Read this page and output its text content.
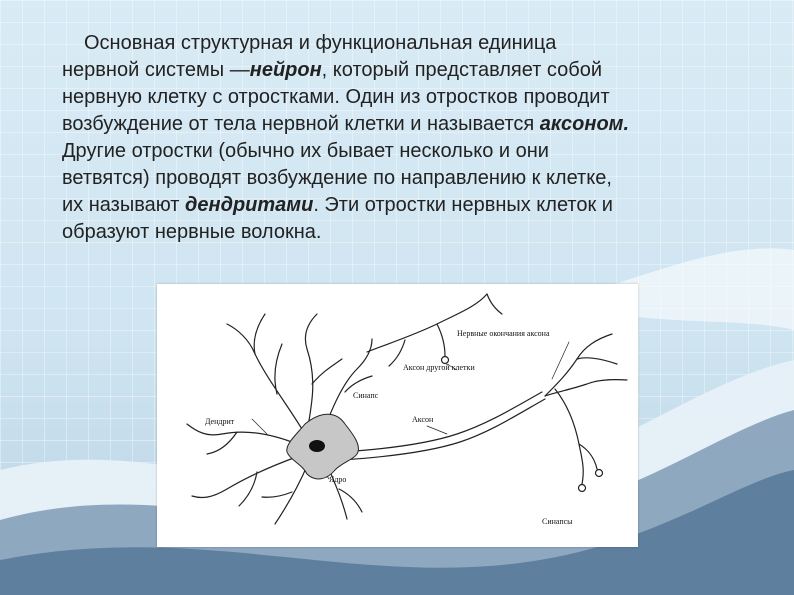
Основная структурная и функциональная единица

нервной системы —нейрон, который представляет собой

нервную клетку с отростками. Один из отростков проводит

возбуждение от тела нервной клетки и называется аксоном.

Другие отростки (обычно их бывает несколько и они

ветвятся) проводят возбуждение по направлению к клетке,

их называют дендритами. Эти отростки нервных клеток и

образуют нервные волокна.

Нервные окончания аксона
Аксон другой клетки
Синапс
Аксон
Дендрит
Ядро
Синапсы
